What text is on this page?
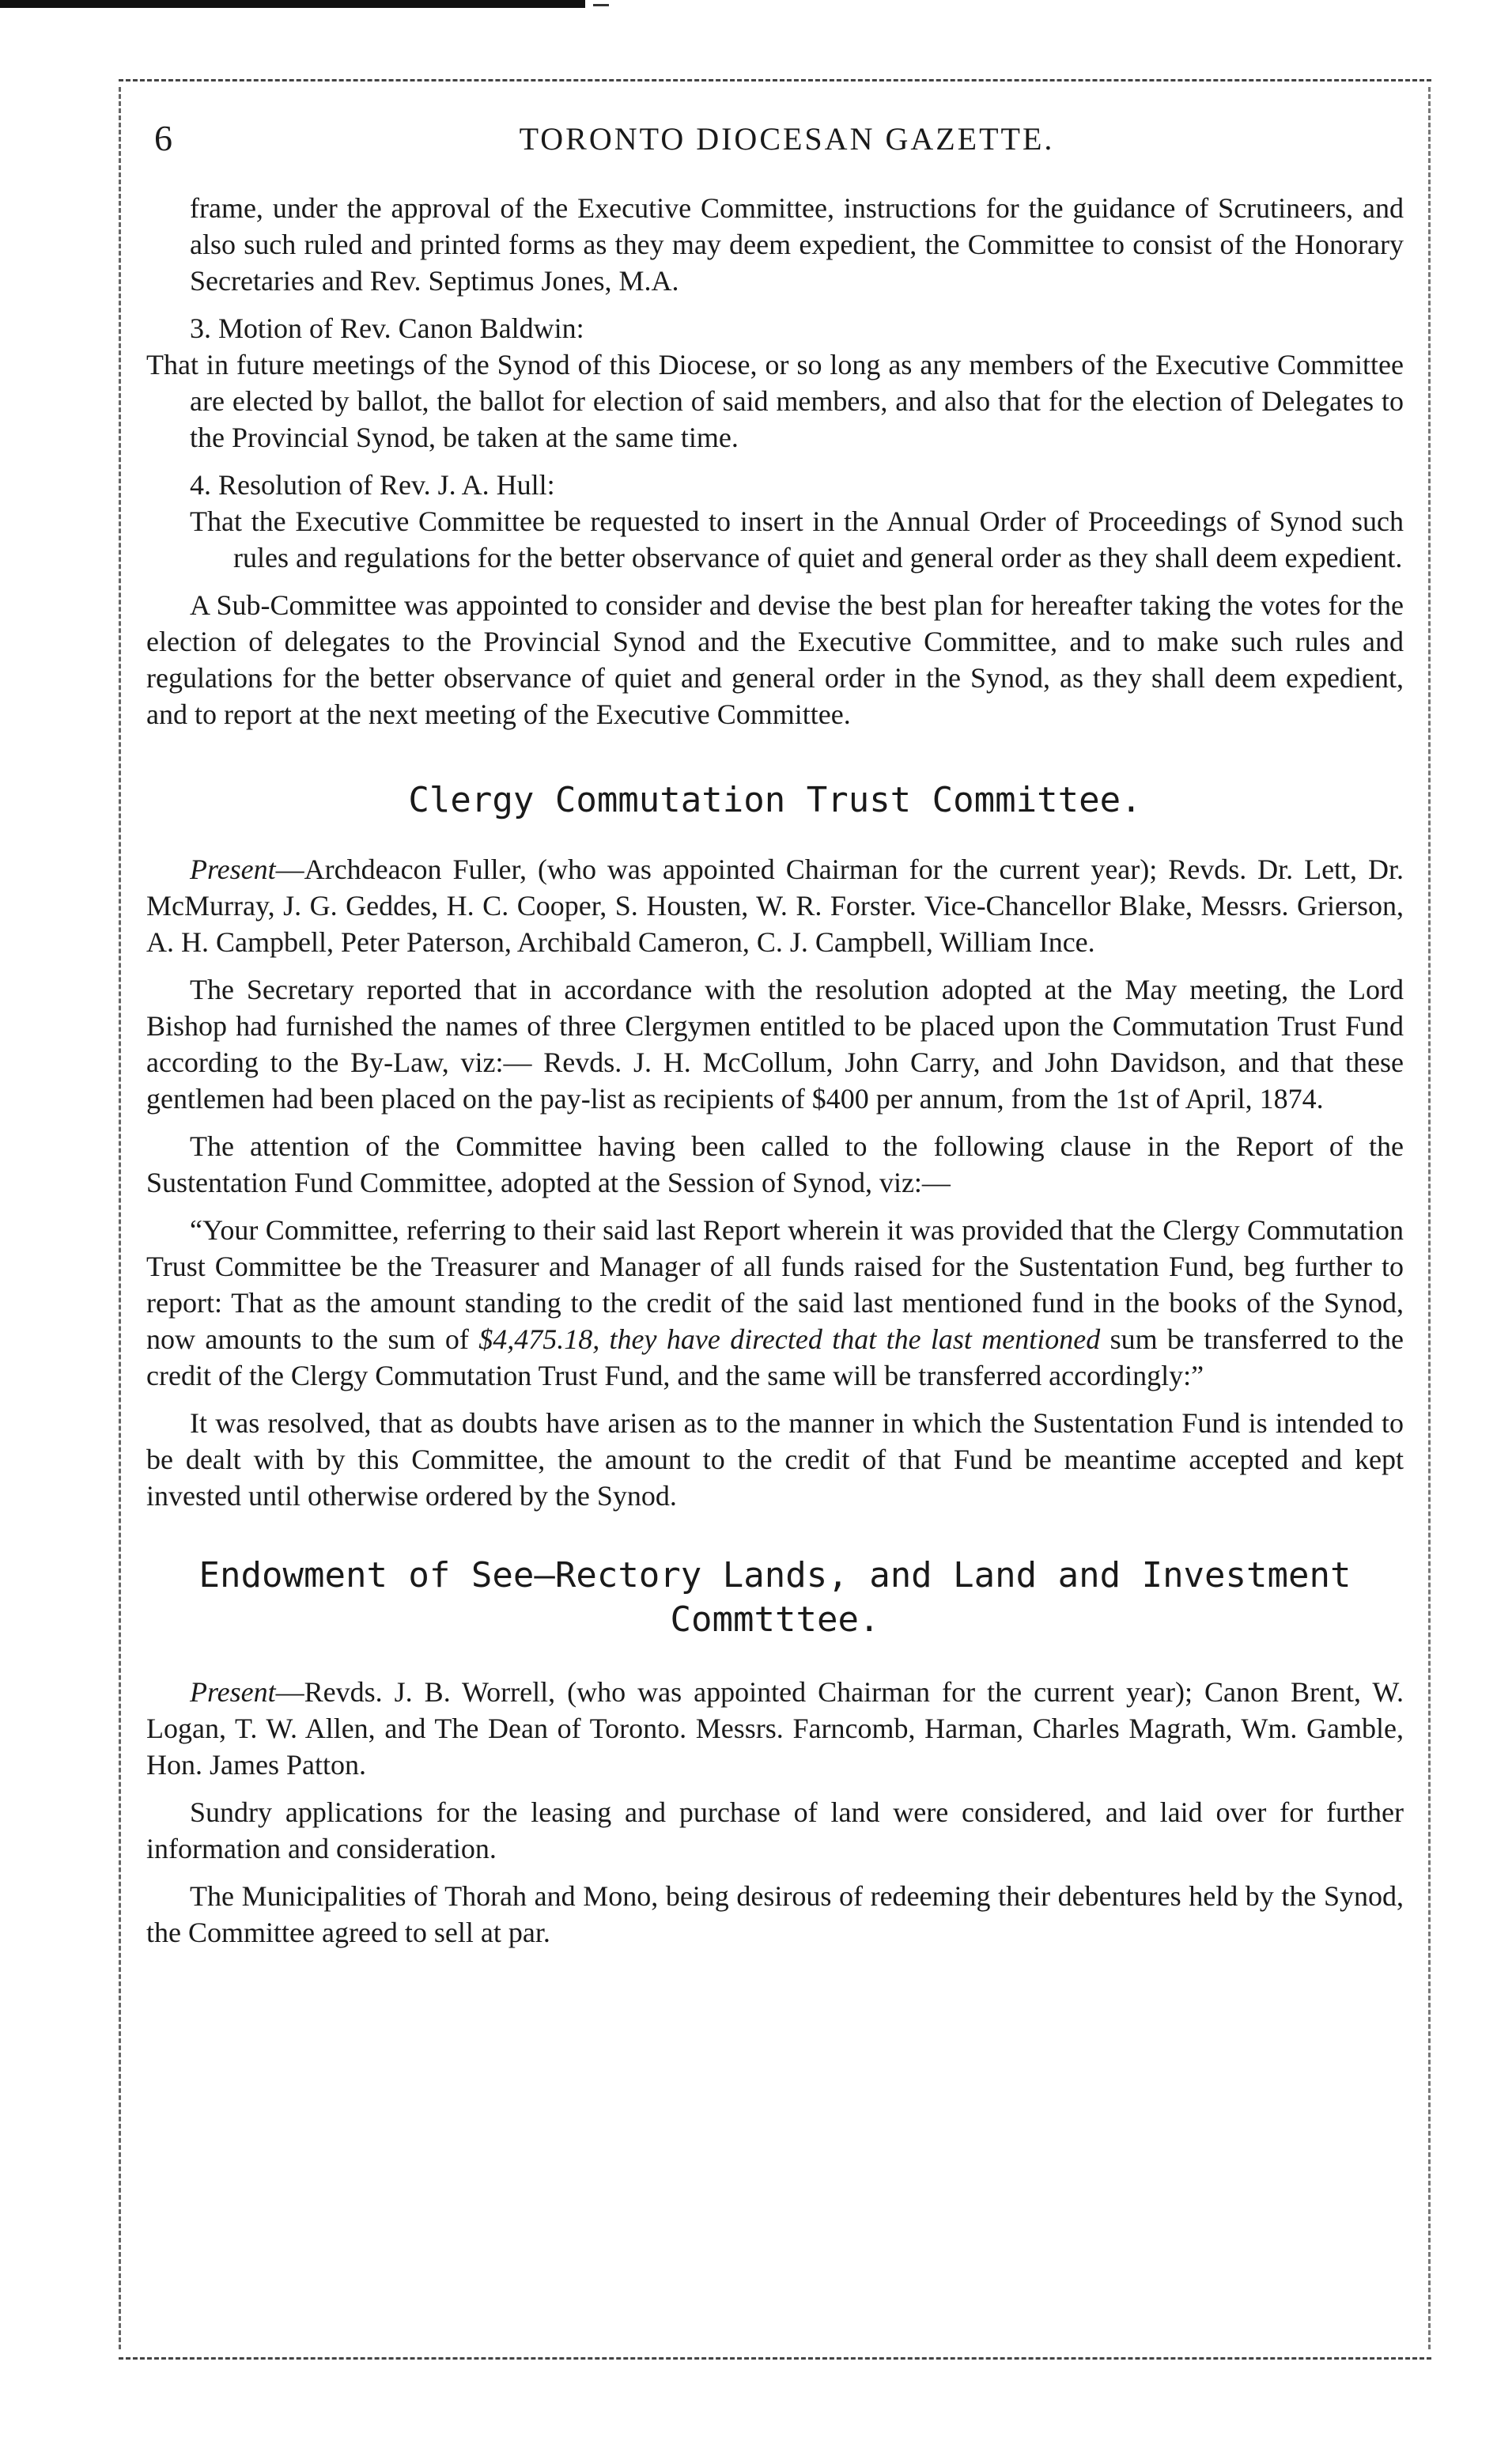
6	TORONTO DIOCESAN GAZETTE.

frame, under the approval of the Executive Committee, instructions for the guidance of Scrutineers, and also such ruled and printed forms as they may deem expedient, the Committee to consist of the Honorary Secretaries and Rev. Septimus Jones, M.A.

3. Motion of Rev. Canon Baldwin:

That in future meetings of the Synod of this Diocese, or so long as any members of the Executive Committee are elected by ballot, the ballot for election of said members, and also that for the election of Delegates to the Provincial Synod, be taken at the same time.

4. Resolution of Rev. J. A. Hull:

That the Executive Committee be requested to insert in the Annual Order of Proceedings of Synod such rules and regulations for the better observance of quiet and general order as they shall deem expedient.

A Sub-Committee was appointed to consider and devise the best plan for hereafter taking the votes for the election of delegates to the Provincial Synod and the Executive Committee, and to make such rules and regulations for the better observance of quiet and general order in the Synod, as they shall deem expedient, and to report at the next meeting of the Executive Committee.

Clergy Commutation Trust Committee.

Present—Archdeacon Fuller, (who was appointed Chairman for the current year); Revds. Dr. Lett, Dr. McMurray, J. G. Geddes, H. C. Cooper, S. Housten, W. R. Forster. Vice-Chancellor Blake, Messrs. Grierson, A. H. Campbell, Peter Paterson, Archibald Cameron, C. J. Campbell, William Ince.

The Secretary reported that in accordance with the resolution adopted at the May meeting, the Lord Bishop had furnished the names of three Clergymen entitled to be placed upon the Commutation Trust Fund according to the By-Law, viz:— Revds. J. H. McCollum, John Carry, and John Davidson, and that these gentlemen had been placed on the pay-list as recipients of $400 per annum, from the 1st of April, 1874.

The attention of the Committee having been called to the following clause in the Report of the Sustentation Fund Committee, adopted at the Session of Synod, viz:—

“Your Committee, referring to their said last Report wherein it was provided that the Clergy Commutation Trust Committee be the Treasurer and Manager of all funds raised for the Sustentation Fund, beg further to report: That as the amount standing to the credit of the said last mentioned fund in the books of the Synod, now amounts to the sum of $4,475.18, they have directed that the last mentioned sum be transferred to the credit of the Clergy Commutation Trust Fund, and the same will be transferred accordingly:”

It was resolved, that as doubts have arisen as to the manner in which the Sustentation Fund is intended to be dealt with by this Committee, the amount to the credit of that Fund be meantime accepted and kept invested until otherwise ordered by the Synod.

Endowment of See—Rectory Lands, and Land and Investment
Commtttee.

Present—Revds. J. B. Worrell, (who was appointed Chairman for the current year); Canon Brent, W. Logan, T. W. Allen, and The Dean of Toronto. Messrs. Farncomb, Harman, Charles Magrath, Wm. Gamble, Hon. James Patton.

Sundry applications for the leasing and purchase of land were considered, and laid over for further information and consideration.

The Municipalities of Thorah and Mono, being desirous of redeeming their debentures held by the Synod, the Committee agreed to sell at par.
